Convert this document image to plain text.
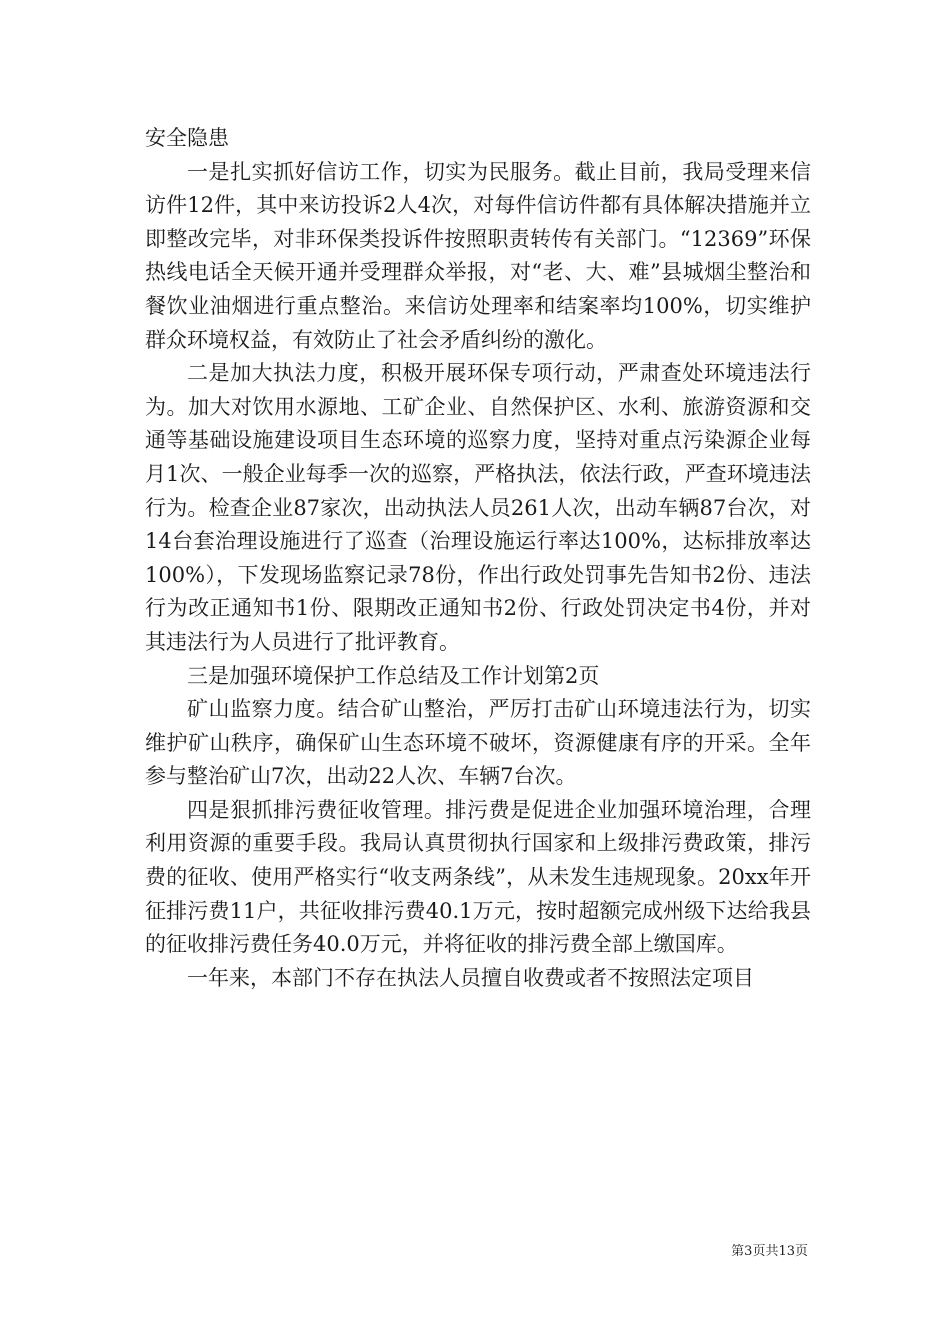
安全隐患

一是扎实抓好信访工作，切实为民服务。截止目前，我局受理来信访件12件，其中来访投诉2人4次，对每件信访件都有具体解决措施并立即整改完毕，对非环保类投诉件按照职责转传有关部门。“12369”环保热线电话全天候开通并受理群众举报，对“老、大、难”县城烟尘整治和餐饮业油烟进行重点整治。来信访处理率和结案率均100%，切实维护群众环境权益，有效防止了社会矛盾纠纷的激化。

二是加大执法力度，积极开展环保专项行动，严肃查处环境违法行为。加大对饮用水源地、工矿企业、自然保护区、水利、旅游资源和交通等基础设施建设项目生态环境的巡察力度，坚持对重点污染源企业每月1次、一般企业每季一次的巡察，严格执法，依法行政，严查环境违法行为。检查企业87家次，出动执法人员261人次，出动车辆87台次，对14台套治理设施进行了巡查（治理设施运行率达100%，达标排放率达100%），下发现场监察记录78份，作出行政处罚事先告知书2份、违法行为改正通知书1份、限期改正通知书2份、行政处罚决定书4份，并对其违法行为人员进行了批评教育。

三是加强环境保护工作总结及工作计划第2页

矿山监察力度。结合矿山整治，严厉打击矿山环境违法行为，切实维护矿山秩序，确保矿山生态环境不破坏，资源健康有序的开采。全年参与整治矿山7次，出动22人次、车辆7台次。

四是狠抓排污费征收管理。排污费是促进企业加强环境治理，合理利用资源的重要手段。我局认真贯彻执行国家和上级排污费政策，排污费的征收、使用严格实行“收支两条线”，从未发生违规现象。20xx年开征排污费11户，共征收排污费40.1万元，按时超额完成州级下达给我县的征收排污费任务40.0万元，并将征收的排污费全部上缴国库。

一年来，本部门不存在执法人员擅自收费或者不按照法定项目

第3页共13页
